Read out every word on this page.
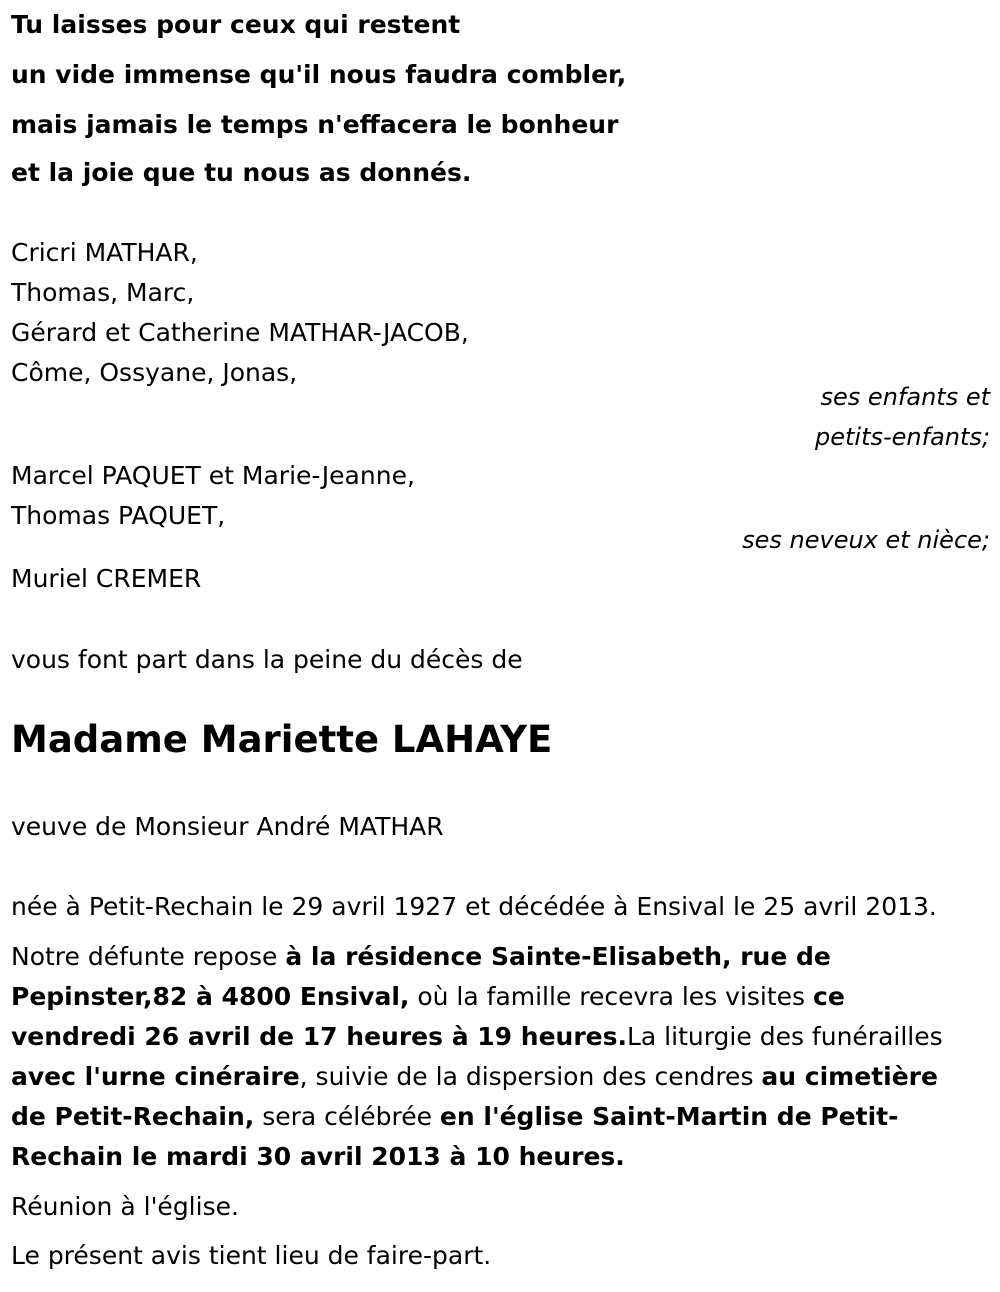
Tu laisses pour ceux qui restent

un vide immense qu'il nous faudra combler,

mais jamais le temps n'effacera le bonheur

et la joie que tu nous as donnés.

Cricri MATHAR,

Thomas, Marc,

Gérard et Catherine MATHAR-JACOB,

Côme, Ossyane, Jonas,

ses enfants et

petits-enfants;

Marcel PAQUET et Marie-Jeanne,

Thomas PAQUET,

ses neveux et nièce;

Muriel CREMER

vous font part dans la peine du décès de

Madame Mariette LAHAYE

veuve de Monsieur André MATHAR

née à Petit-Rechain le 29 avril 1927 et décédée à Ensival le 25 avril 2013.

Notre défunte repose à la résidence Sainte-Elisabeth, rue de Pepinster,82 à 4800 Ensival, où la famille recevra les visites ce vendredi 26 avril de 17 heures à 19 heures.La liturgie des funérailles avec l'urne cinéraire, suivie de la dispersion des cendres au cimetière de Petit-Rechain, sera célébrée en l'église Saint-Martin de Petit-Rechain le mardi 30 avril 2013 à 10 heures.

Réunion à l'église.

Le présent avis tient lieu de faire-part.
